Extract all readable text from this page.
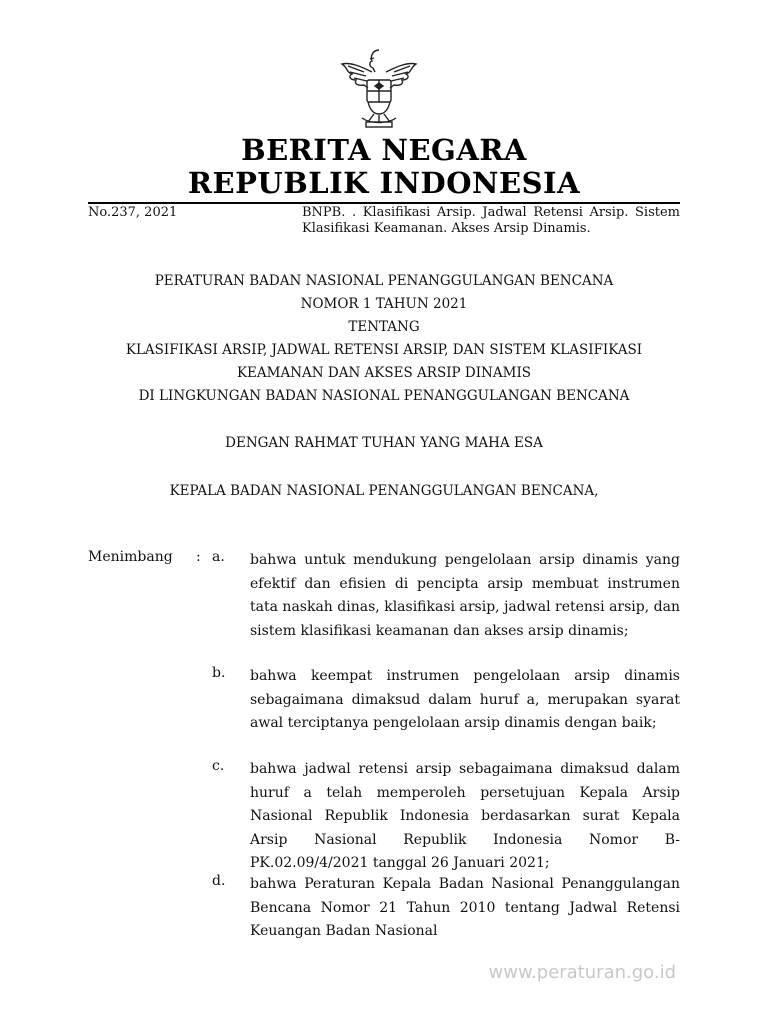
BERITA NEGARA
REPUBLIK INDONESIA
No.237, 2021	BNPB. . Klasifikasi Arsip. Jadwal Retensi Arsip. Sistem Klasifikasi Keamanan. Akses Arsip Dinamis.
PERATURAN BADAN NASIONAL PENANGGULANGAN BENCANA
NOMOR 1 TAHUN 2021
TENTANG
KLASIFIKASI ARSIP, JADWAL RETENSI ARSIP, DAN SISTEM KLASIFIKASI
KEAMANAN DAN AKSES ARSIP DINAMIS
DI LINGKUNGAN BADAN NASIONAL PENANGGULANGAN BENCANA
DENGAN RAHMAT TUHAN YANG MAHA ESA
KEPALA BADAN NASIONAL PENANGGULANGAN BENCANA,
Menimbang : a. bahwa untuk mendukung pengelolaan arsip dinamis yang efektif dan efisien di pencipta arsip membuat instrumen tata naskah dinas, klasifikasi arsip, jadwal retensi arsip, dan sistem klasifikasi keamanan dan akses arsip dinamis;
b. bahwa keempat instrumen pengelolaan arsip dinamis sebagaimana dimaksud dalam huruf a, merupakan syarat awal terciptanya pengelolaan arsip dinamis dengan baik;
c. bahwa jadwal retensi arsip sebagaimana dimaksud dalam huruf a telah memperoleh persetujuan Kepala Arsip Nasional Republik Indonesia berdasarkan surat Kepala Arsip Nasional Republik Indonesia Nomor B-PK.02.09/4/2021 tanggal 26 Januari 2021;
d. bahwa Peraturan Kepala Badan Nasional Penanggulangan Bencana Nomor 21 Tahun 2010 tentang Jadwal Retensi Keuangan Badan Nasional
www.peraturan.go.id
